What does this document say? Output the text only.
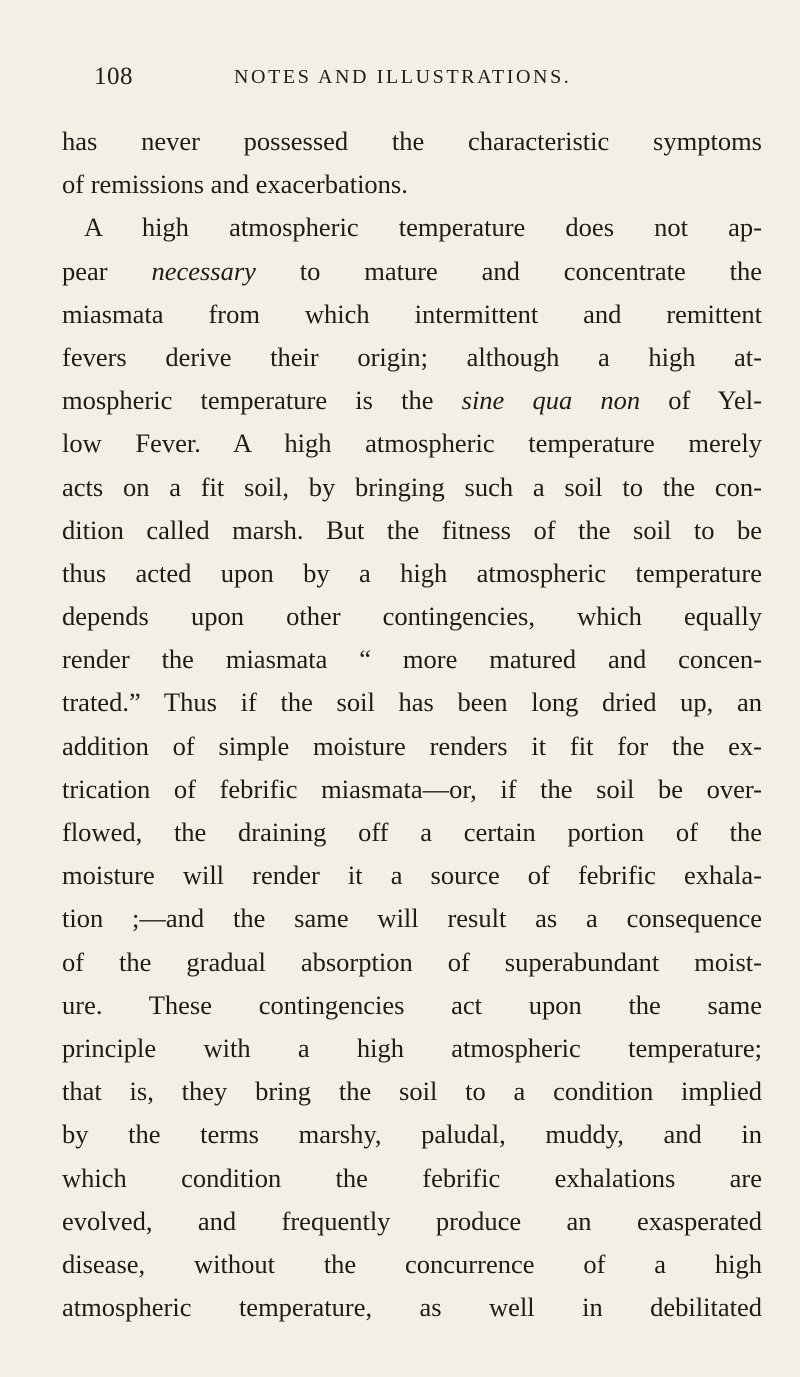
108	NOTES AND ILLUSTRATIONS.
has never possessed the characteristic symptoms
of remissions and exacerbations.
A high atmospheric temperature does not ap-
pear necessary to mature and concentrate the
miasmata from which intermittent and remittent
fevers derive their origin; although a high at-
mospheric temperature is the sine qua non of Yel-
low Fever. A high atmospheric temperature merely
acts on a fit soil, by bringing such a soil to the con-
dition called marsh. But the fitness of the soil to be
thus acted upon by a high atmospheric temperature
depends upon other contingencies, which equally
render the miasmata “ more matured and concen-
trated.” Thus if the soil has been long dried up, an
addition of simple moisture renders it fit for the ex-
trication of febrific miasmata—or, if the soil be over-
flowed, the draining off a certain portion of the
moisture will render it a source of febrific exhala-
tion ;—and the same will result as a consequence
of the gradual absorption of superabundant moist-
ure. These contingencies act upon the same
principle with a high atmospheric temperature;
that is, they bring the soil to a condition implied
by the terms marshy, paludal, muddy, and in
which condition the febrific exhalations are
evolved, and frequently produce an exasperated
disease, without the concurrence of a high
atmospheric temperature, as well in debilitated
